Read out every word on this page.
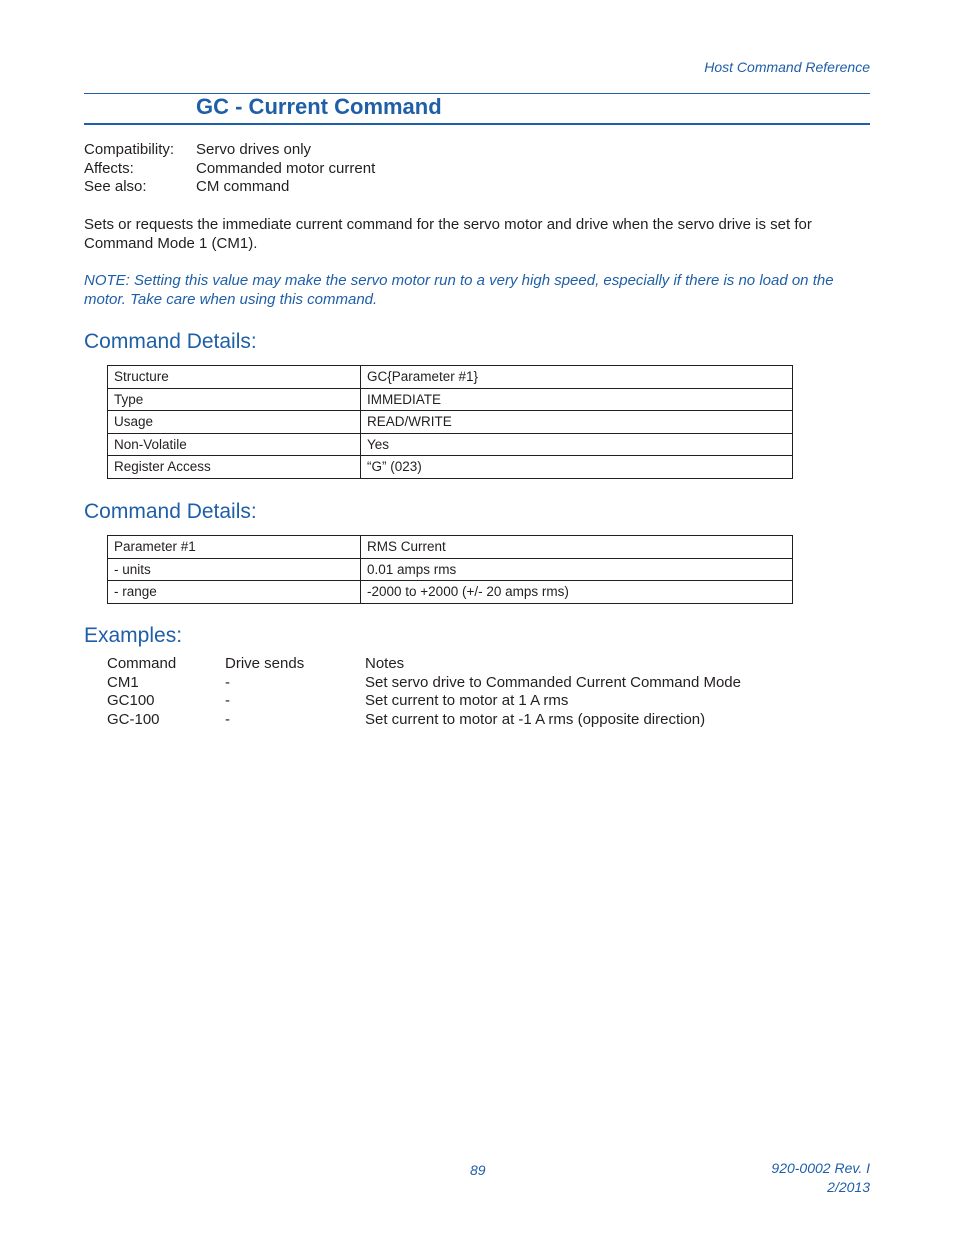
Host Command Reference
GC - Current Command
Compatibility:	Servo drives only
Affects:	Commanded motor current
See also:	CM command
Sets or requests the immediate current command for the servo motor and drive when the servo drive is set for Command Mode 1 (CM1).
NOTE: Setting this value may make the servo motor run to a very high speed, especially if there is no load on the motor. Take care when using this command.
Command Details:
Structure	GC{Parameter #1}
Type	IMMEDIATE
Usage	READ/WRITE
Non-Volatile	Yes
Register Access	“G” (023)
Command Details:
Parameter #1	RMS Current
- units	0.01 amps rms
- range	-2000 to +2000 (+/- 20 amps rms)
Examples:
Command	Drive sends	Notes
CM1	-	Set servo drive to Commanded Current Command Mode
GC100	-	Set current to motor at 1 A rms
GC-100	-	Set current to motor at -1 A rms (opposite direction)
89	920-0002 Rev. I
2/2013
